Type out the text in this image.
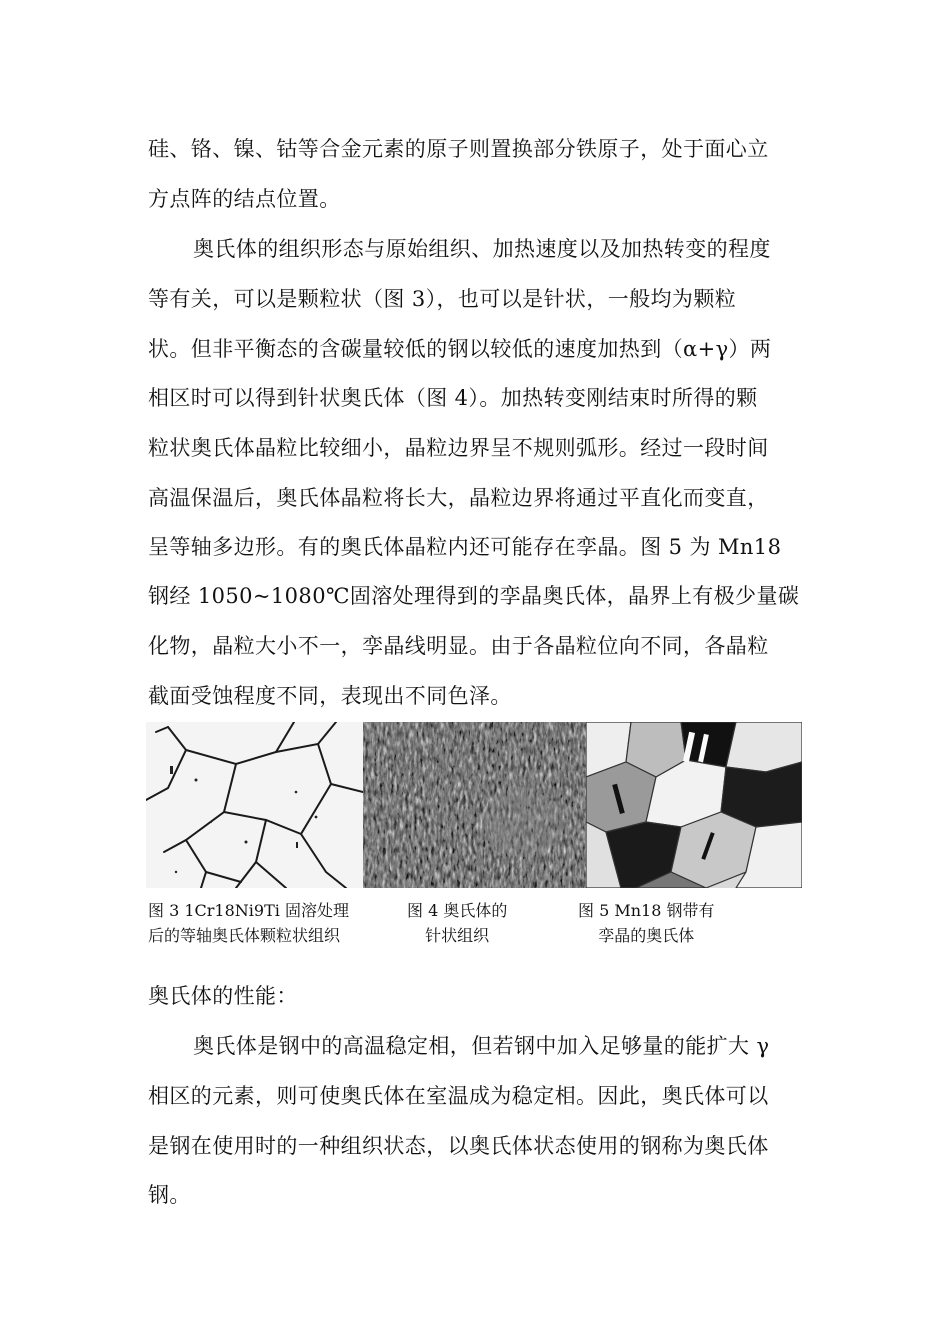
硅、铬、镍、钴等合金元素的原子则置换部分铁原子，处于面心立
方点阵的结点位置。
奥氏体的组织形态与原始组织、加热速度以及加热转变的程度
等有关，可以是颗粒状（图 3），也可以是针状，一般均为颗粒
状。但非平衡态的含碳量较低的钢以较低的速度加热到（α+γ）两
相区时可以得到针状奥氏体（图 4）。加热转变刚结束时所得的颗
粒状奥氏体晶粒比较细小，晶粒边界呈不规则弧形。经过一段时间
高温保温后，奥氏体晶粒将长大，晶粒边界将通过平直化而变直，
呈等轴多边形。有的奥氏体晶粒内还可能存在孪晶。图 5 为 Mn18
钢经 1050~1080℃固溶处理得到的孪晶奥氏体，晶界上有极少量碳
化物，晶粒大小不一，孪晶线明显。由于各晶粒位向不同，各晶粒
截面受蚀程度不同，表现出不同色泽。
图 3 1Cr18Ni9Ti 固溶处理
后的等轴奥氏体颗粒状组织
图 4 奥氏体的
针状组织
图 5 Mn18 钢带有
孪晶的奥氏体
奥氏体的性能：
奥氏体是钢中的高温稳定相，但若钢中加入足够量的能扩大 γ
相区的元素，则可使奥氏体在室温成为稳定相。因此，奥氏体可以
是钢在使用时的一种组织状态，以奥氏体状态使用的钢称为奥氏体
钢。
